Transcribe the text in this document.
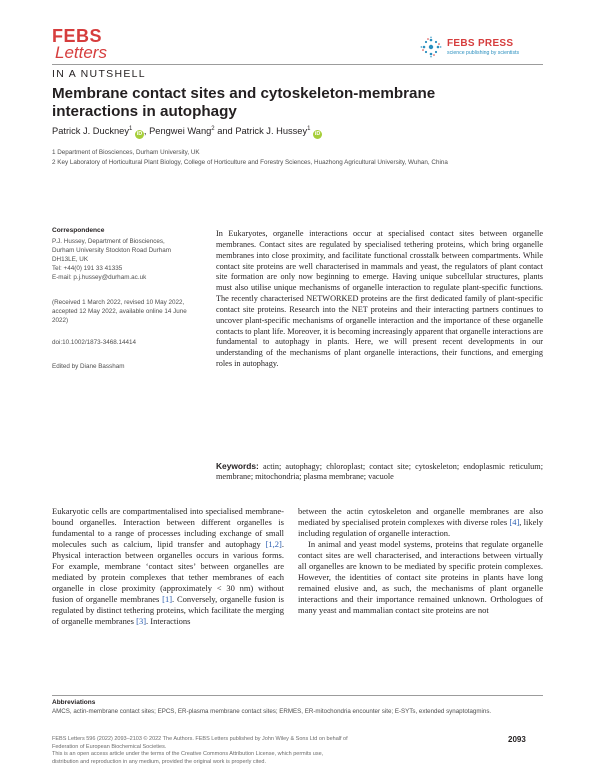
FEBS
Letters	FEBS PRESS
science publishing by scientists
IN A NUTSHELL
Membrane contact sites and cytoskeleton-membrane interactions in autophagy
Patrick J. Duckney$^1$ iD , Pengwei Wang$^2$ and Patrick J. Hussey$^1$ iD
1 Department of Biosciences, Durham University, UK
2 Key Laboratory of Horticultural Plant Biology, College of Horticulture and Forestry Sciences, Huazhong Agricultural University, Wuhan, China
Correspondence
P.J. Hussey, Department of Biosciences,
Durham University Stockton Road Durham
DH13LE, UK
Tel: +44(0) 191 33 41335
E-mail: p.j.hussey@durham.ac.uk
(Received 1 March 2022, revised 10 May 2022, accepted 12 May 2022, available online 14 June 2022)
doi:10.1002/1873-3468.14414
Edited by Diane Bassham
In Eukaryotes, organelle interactions occur at specialised contact sites between organelle membranes. Contact sites are regulated by specialised tethering proteins, which bring organelle membranes into close proximity, and facilitate functional crosstalk between compartments. While contact site proteins are well characterised in mammals and yeast, the regulators of plant contact site formation are only now beginning to emerge. Having unique subcellular structures, plants must also utilise unique mechanisms of organelle interaction to regulate plant-specific functions. The recently characterised NETWORKED proteins are the first dedicated family of plant-specific contact site proteins. Research into the NET proteins and their interacting partners continues to uncover plant-specific mechanisms of organelle interaction and the importance of these organelle contacts to plant life. Moreover, it is becoming increasingly apparent that organelle interactions are fundamental to autophagy in plants. Here, we will present recent developments in our understanding of the mechanisms of plant organelle interactions, their functions, and emerging roles in autophagy.
Keywords: actin; autophagy; chloroplast; contact site; cytoskeleton; endoplasmic reticulum; membrane; mitochondria; plasma membrane; vacuole
Eukaryotic cells are compartmentalised into specialised membrane-bound organelles. Interaction between different organelles is fundamental to a range of processes including exchange of small molecules such as calcium, lipid transfer and autophagy [1,2]. Physical interaction between organelles occurs in various forms. For example, membrane ‘contact sites’ between organelles are mediated by protein complexes that tether membranes of each organelle in close proximity (approximately < 30 nm) without fusion of organelle membranes [1]. Conversely, organelle fusion is regulated by distinct tethering proteins, which facilitate the merging of organelle membranes [3]. Interactions

between the actin cytoskeleton and organelle membranes are also mediated by specialised protein complexes with diverse roles [4], likely including regulation of organelle interaction.

In animal and yeast model systems, proteins that regulate organelle contact sites are well characterised, and interactions between virtually all organelles are known to be mediated by specific protein complexes. However, the identities of contact site proteins in plants have long remained elusive and, as such, the mechanisms of plant organelle interactions and their importance remained unknown. Orthologues of many yeast and mammalian contact site proteins are not

Abbreviations
AMCS, actin-membrane contact sites; EPCS, ER-plasma membrane contact sites; ERMES, ER-mitochondria encounter site; E-SYTs, extended synaptotagmins.
FEBS Letters 596 (2022) 2093–2103 © 2022 The Authors. FEBS Letters published by John Wiley & Sons Ltd on behalf of
Federation of European Biochemical Societies.
This is an open access article under the terms of the Creative Commons Attribution License, which permits use,
distribution and reproduction in any medium, provided the original work is properly cited.
2093
